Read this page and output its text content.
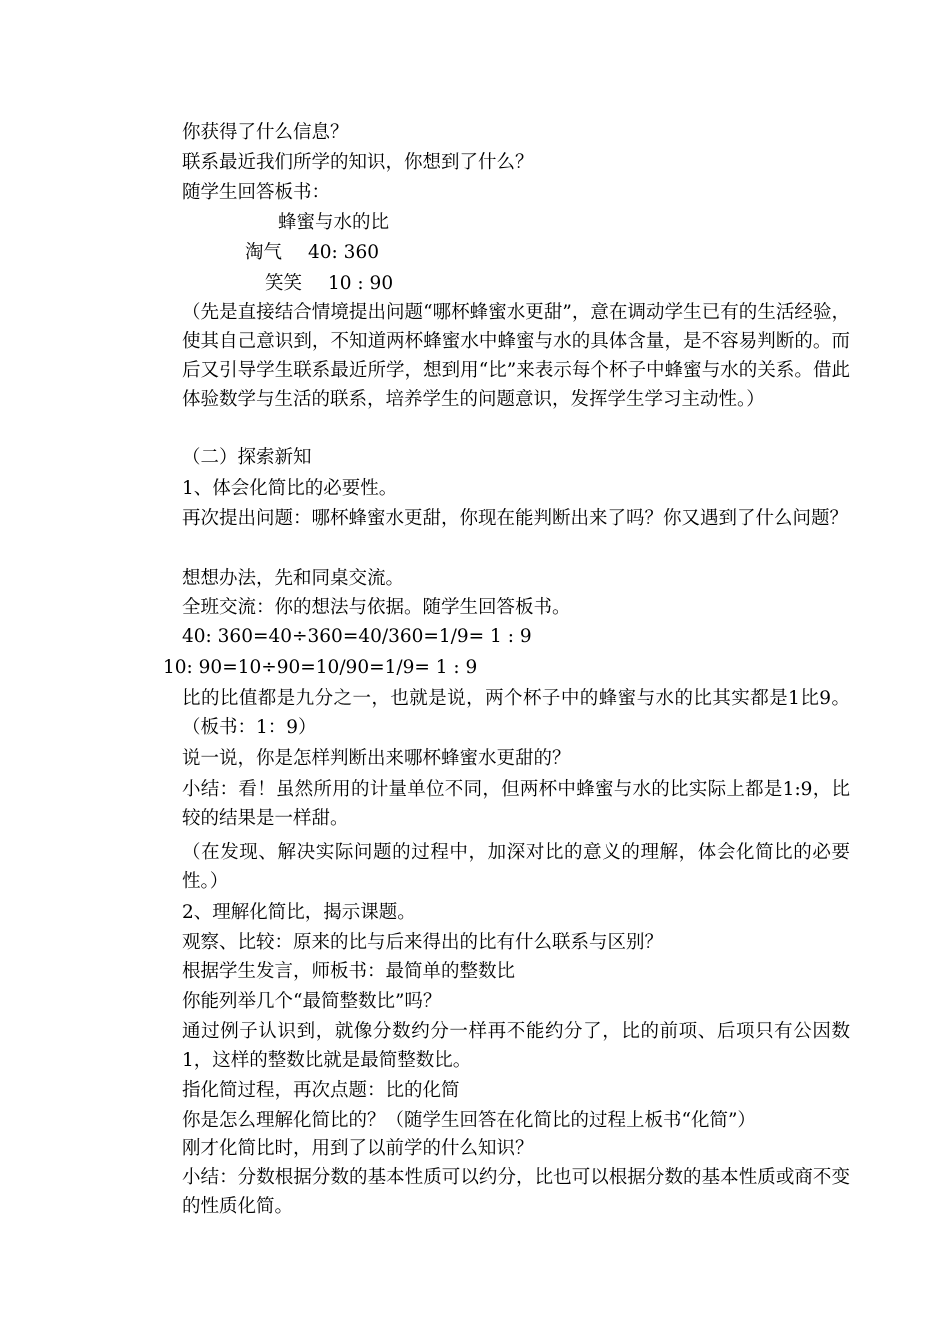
你获得了什么信息？
联系最近我们所学的知识，你想到了什么？
随学生回答板书：
蜂蜜与水的比
淘气 40: 360
笑笑 10 : 90
（先是直接结合情境提出问题“哪杯蜂蜜水更甜”，意在调动学生已有的生活经验，使其自己意识到，不知道两杯蜂蜜水中蜂蜜与水的具体含量，是不容易判断的。而后又引导学生联系最近所学，想到用“比”来表示每个杯子中蜂蜜与水的关系。借此体验数学与生活的联系，培养学生的问题意识，发挥学生学习主动性。）
（二）探索新知
1、体会化简比的必要性。
再次提出问题：哪杯蜂蜜水更甜，你现在能判断出来了吗？你又遇到了什么问题？
想想办法，先和同桌交流。
全班交流：你的想法与依据。随学生回答板书。
40: 360=40÷360=40/360=1/9= 1 : 9
10: 90=10÷90=10/90=1/9= 1 : 9
比的比值都是九分之一，也就是说，两个杯子中的蜂蜜与水的比其实都是1比9。（板书：1：9）
说一说，你是怎样判断出来哪杯蜂蜜水更甜的？
小结：看！虽然所用的计量单位不同，但两杯中蜂蜜与水的比实际上都是1:9，比较的结果是一样甜。
（在发现、解决实际问题的过程中，加深对比的意义的理解，体会化简比的必要性。）
2、理解化简比，揭示课题。
观察、比较：原来的比与后来得出的比有什么联系与区别？
根据学生发言，师板书：最简单的整数比
你能列举几个“最简整数比”吗？
通过例子认识到，就像分数约分一样再不能约分了，比的前项、后项只有公因数1，这样的整数比就是最简整数比。
指化简过程，再次点题：比的化简
你是怎么理解化简比的？（随学生回答在化简比的过程上板书“化简”）
刚才化简比时，用到了以前学的什么知识？
小结：分数根据分数的基本性质可以约分，比也可以根据分数的基本性质或商不变的性质化简。
